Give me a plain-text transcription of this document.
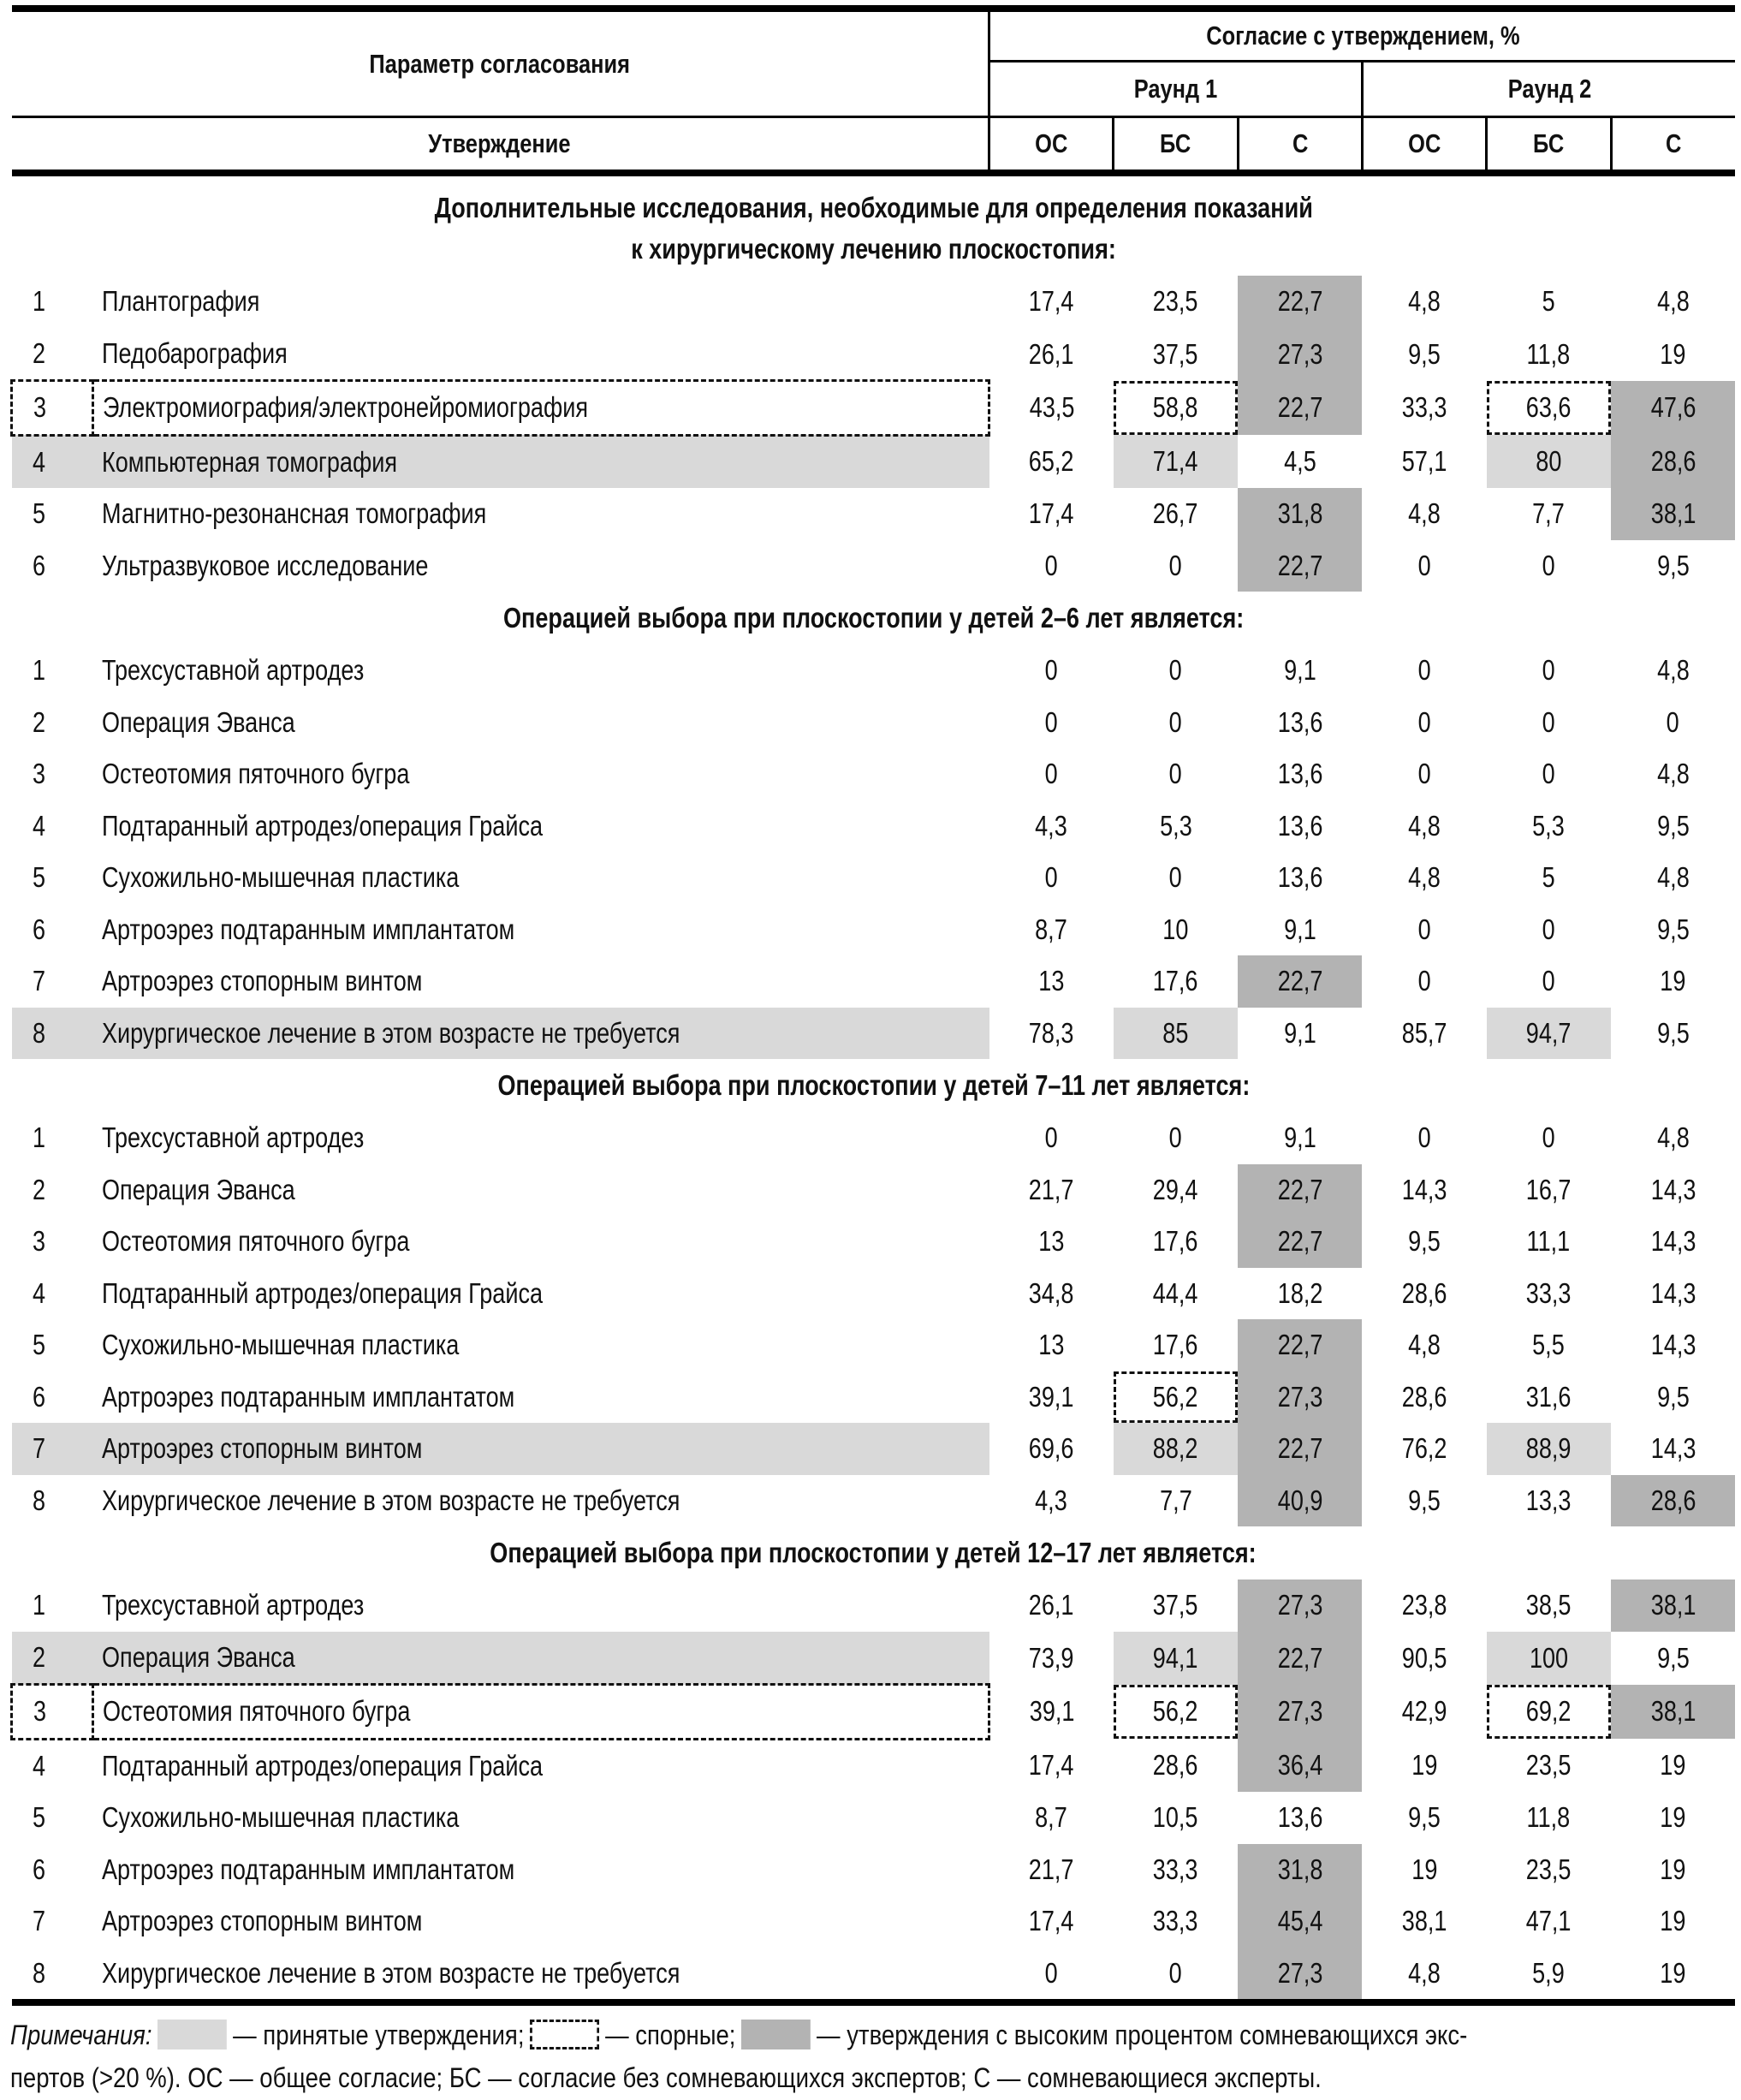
Параметр согласования		Согласие с утверждением, %					
		Раунд 1			Раунд 2		
Утверждение		ОС	БС	С	ОС	БС	С
Дополнительные исследования, необходимые для определения показаний
к хирургическому лечению плоскостопия:							
1	Плантография	17,4	23,5	22,7	4,8	5	4,8
2	Педобарография	26,1	37,5	27,3	9,5	11,8	19
3	Электромиография/электронейромиография	43,5	58,8	22,7	33,3	63,6	47,6
4	Компьютерная томография	65,2	71,4	4,5	57,1	80	28,6
5	Магнитно-резонансная томография	17,4	26,7	31,8	4,8	7,7	38,1
6	Ультразвуковое исследование	0	0	22,7	0	0	9,5
Операцией выбора при плоскостопии у детей 2–6 лет является:							
1	Трехсуставной артродез	0	0	9,1	0	0	4,8
2	Операция Эванса	0	0	13,6	0	0	0
3	Остеотомия пяточного бугра	0	0	13,6	0	0	4,8
4	Подтаранный артродез/операция Грайса	4,3	5,3	13,6	4,8	5,3	9,5
5	Сухожильно-мышечная пластика	0	0	13,6	4,8	5	4,8
6	Артроэрез подтаранным имплантатом	8,7	10	9,1	0	0	9,5
7	Артроэрез стопорным винтом	13	17,6	22,7	0	0	19
8	Хирургическое лечение в этом возрасте не требуется	78,3	85	9,1	85,7	94,7	9,5
Операцией выбора при плоскостопии у детей 7–11 лет является:							
1	Трехсуставной артродез	0	0	9,1	0	0	4,8
2	Операция Эванса	21,7	29,4	22,7	14,3	16,7	14,3
3	Остеотомия пяточного бугра	13	17,6	22,7	9,5	11,1	14,3
4	Подтаранный артродез/операция Грайса	34,8	44,4	18,2	28,6	33,3	14,3
5	Сухожильно-мышечная пластика	13	17,6	22,7	4,8	5,5	14,3
6	Артроэрез подтаранным имплантатом	39,1	56,2	27,3	28,6	31,6	9,5
7	Артроэрез стопорным винтом	69,6	88,2	22,7	76,2	88,9	14,3
8	Хирургическое лечение в этом возрасте не требуется	4,3	7,7	40,9	9,5	13,3	28,6
Операцией выбора при плоскостопии у детей 12–17 лет является:							
1	Трехсуставной артродез	26,1	37,5	27,3	23,8	38,5	38,1
2	Операция Эванса	73,9	94,1	22,7	90,5	100	9,5
3	Остеотомия пяточного бугра	39,1	56,2	27,3	42,9	69,2	38,1
4	Подтаранный артродез/операция Грайса	17,4	28,6	36,4	19	23,5	19
5	Сухожильно-мышечная пластика	8,7	10,5	13,6	9,5	11,8	19
6	Артроэрез подтаранным имплантатом	21,7	33,3	31,8	19	23,5	19
7	Артроэрез стопорным винтом	17,4	33,3	45,4	38,1	47,1	19
8	Хирургическое лечение в этом возрасте не требуется	0	0	27,3	4,8	5,9	19
Примечания:	— принятые утверждения;	— спорные;	— утверждения с высоким процентом сомневающихся экс-
пертов (>20 %). ОС — общее согласие; БС — согласие без сомневающихся экспертов; С — сомневающиеся эксперты.
